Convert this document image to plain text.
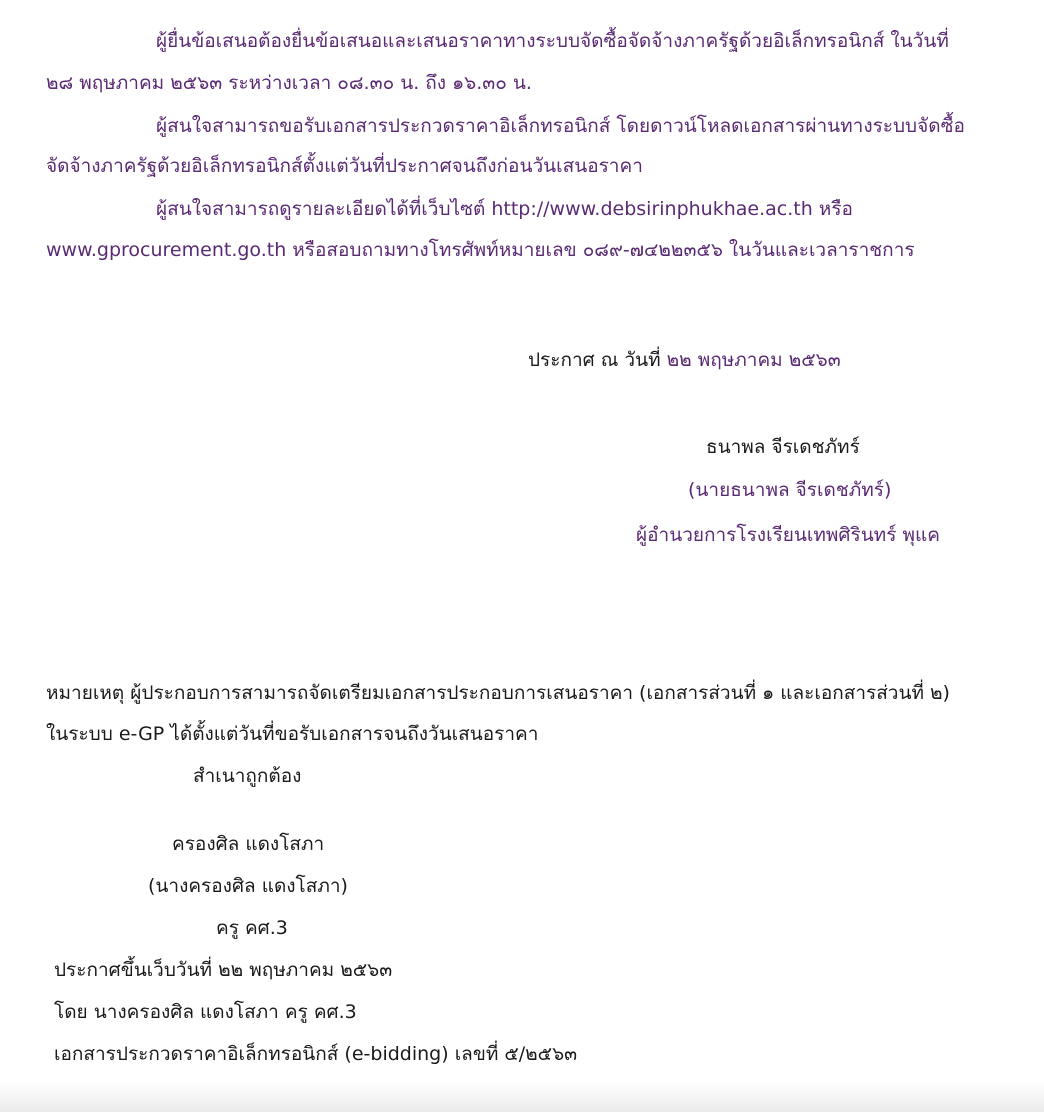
ผู้ยื่นข้อเสนอต้องยื่นข้อเสนอและเสนอราคาทางระบบจัดซื้อจัดจ้างภาครัฐด้วยอิเล็กทรอนิกส์ ในวันที่
๒๘ พฤษภาคม ๒๕๖๓ ระหว่างเวลา ๐๘.๓๐ น. ถึง ๑๖.๓๐ น.
ผู้สนใจสามารถขอรับเอกสารประกวดราคาอิเล็กทรอนิกส์ โดยดาวน์โหลดเอกสารผ่านทางระบบจัดซื้อ
จัดจ้างภาครัฐด้วยอิเล็กทรอนิกส์ตั้งแต่วันที่ประกาศจนถึงก่อนวันเสนอราคา
ผู้สนใจสามารถดูรายละเอียดได้ที่เว็บไซต์ http://www.debsirinphukhae.ac.th หรือ
www.gprocurement.go.th หรือสอบถามทางโทรศัพท์หมายเลข ๐๘๙-๗๔๒๒๓๕๖ ในวันและเวลาราชการ
ประกาศ ณ วันที่ ๒๒ พฤษภาคม ๒๕๖๓
ธนาพล จีรเดชภัทร์
(นายธนาพล จีรเดชภัทร์)
ผู้อำนวยการโรงเรียนเทพศิรินทร์ พุแค
หมายเหตุ ผู้ประกอบการสามารถจัดเตรียมเอกสารประกอบการเสนอราคา (เอกสารส่วนที่ ๑ และเอกสารส่วนที่ ๒)
ในระบบ e-GP ได้ตั้งแต่วันที่ขอรับเอกสารจนถึงวันเสนอราคา
สำเนาถูกต้อง
ครองศิล แดงโสภา
(นางครองศิล แดงโสภา)
ครู คศ.3
ประกาศขึ้นเว็บวันที่ ๒๒ พฤษภาคม ๒๕๖๓
โดย นางครองศิล แดงโสภา ครู คศ.3
เอกสารประกวดราคาอิเล็กทรอนิกส์ (e-bidding) เลขที่ ๕/๒๕๖๓
